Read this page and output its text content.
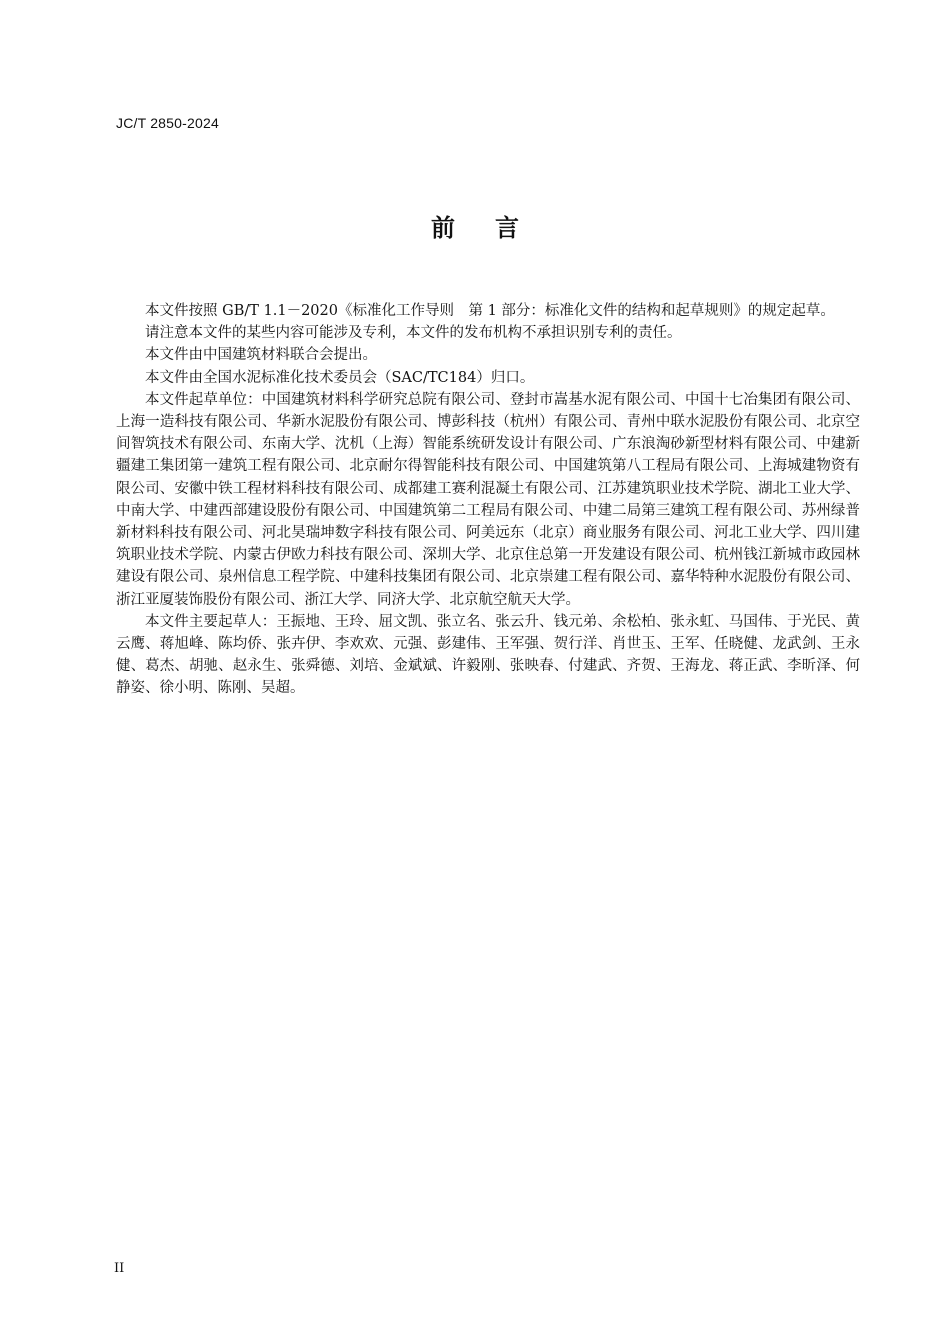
JC/T 2850-2024
前言

本文件按照 GB/T 1.1－2020《标准化工作导则　第 1 部分：标准化文件的结构和起草规则》的规定起草。

请注意本文件的某些内容可能涉及专利，本文件的发布机构不承担识别专利的责任。

本文件由中国建筑材料联合会提出。

本文件由全国水泥标准化技术委员会（SAC/TC184）归口。

本文件起草单位：中国建筑材料科学研究总院有限公司、登封市嵩基水泥有限公司、中国十七冶集团有限公司、上海一造科技有限公司、华新水泥股份有限公司、博彭科技（杭州）有限公司、青州中联水泥股份有限公司、北京空间智筑技术有限公司、东南大学、沈机（上海）智能系统研发设计有限公司、广东浪淘砂新型材料有限公司、中建新疆建工集团第一建筑工程有限公司、北京耐尔得智能科技有限公司、中国建筑第八工程局有限公司、上海城建物资有限公司、安徽中铁工程材料科技有限公司、成都建工赛利混凝土有限公司、江苏建筑职业技术学院、湖北工业大学、中南大学、中建西部建设股份有限公司、中国建筑第二工程局有限公司、中建二局第三建筑工程有限公司、苏州绿普新材料科技有限公司、河北昊瑞坤数字科技有限公司、阿美远东（北京）商业服务有限公司、河北工业大学、四川建筑职业技术学院、内蒙古伊欧力科技有限公司、深圳大学、北京住总第一开发建设有限公司、杭州钱江新城市政园林建设有限公司、泉州信息工程学院、中建科技集团有限公司、北京崇建工程有限公司、嘉华特种水泥股份有限公司、浙江亚厦装饰股份有限公司、浙江大学、同济大学、北京航空航天大学。

本文件主要起草人：王振地、王玲、屈文凯、张立名、张云升、钱元弟、余松柏、张永虹、马国伟、于光民、黄云鹰、蒋旭峰、陈均侨、张卉伊、李欢欢、元强、彭建伟、王军强、贺行洋、肖世玉、王军、任晓健、龙武剑、王永健、葛杰、胡驰、赵永生、张舜德、刘培、金斌斌、许毅刚、张映春、付建武、齐贺、王海龙、蒋正武、李昕泽、何静姿、徐小明、陈刚、吴超。

II
